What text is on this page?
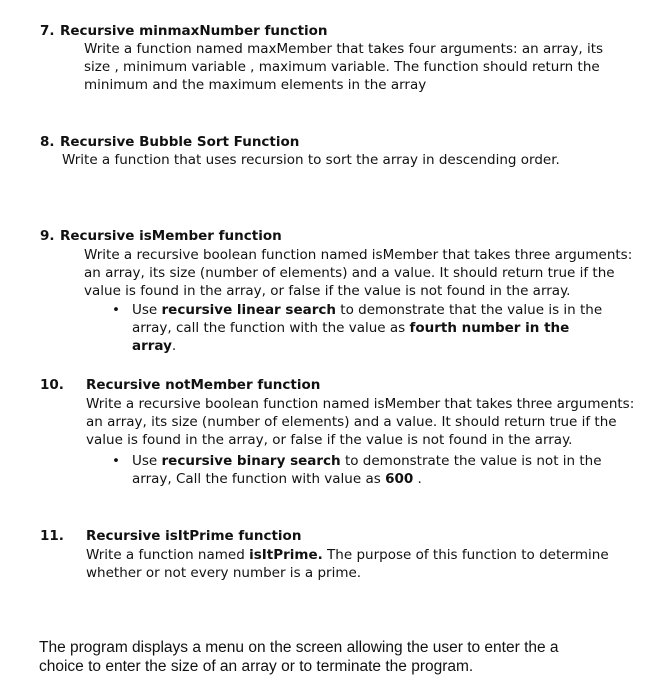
7. Recursive minmaxNumber function
Write a function named maxMember that takes four arguments: an array, its
size , minimum variable , maximum variable. The function should return the
minimum and the maximum elements in the array
8. Recursive Bubble Sort Function
Write a function that uses recursion to sort the array in descending order.
9. Recursive isMember function
Write a recursive boolean function named isMember that takes three arguments:
an array, its size (number of elements) and a value. It should return true if the
value is found in the array, or false if the value is not found in the array.
• Use recursive linear search to demonstrate that the value is in the
array, call the function with the value as fourth number in the
array.
10. Recursive notMember function
Write a recursive boolean function named isMember that takes three arguments:
an array, its size (number of elements) and a value. It should return true if the
value is found in the array, or false if the value is not found in the array.
• Use recursive binary search to demonstrate the value is not in the
array, Call the function with value as 600 .
11. Recursive isItPrime function
Write a function named isItPrime. The purpose of this function to determine
whether or not every number is a prime.
The program displays a menu on the screen allowing the user to enter the a
choice to enter the size of an array or to terminate the program.
